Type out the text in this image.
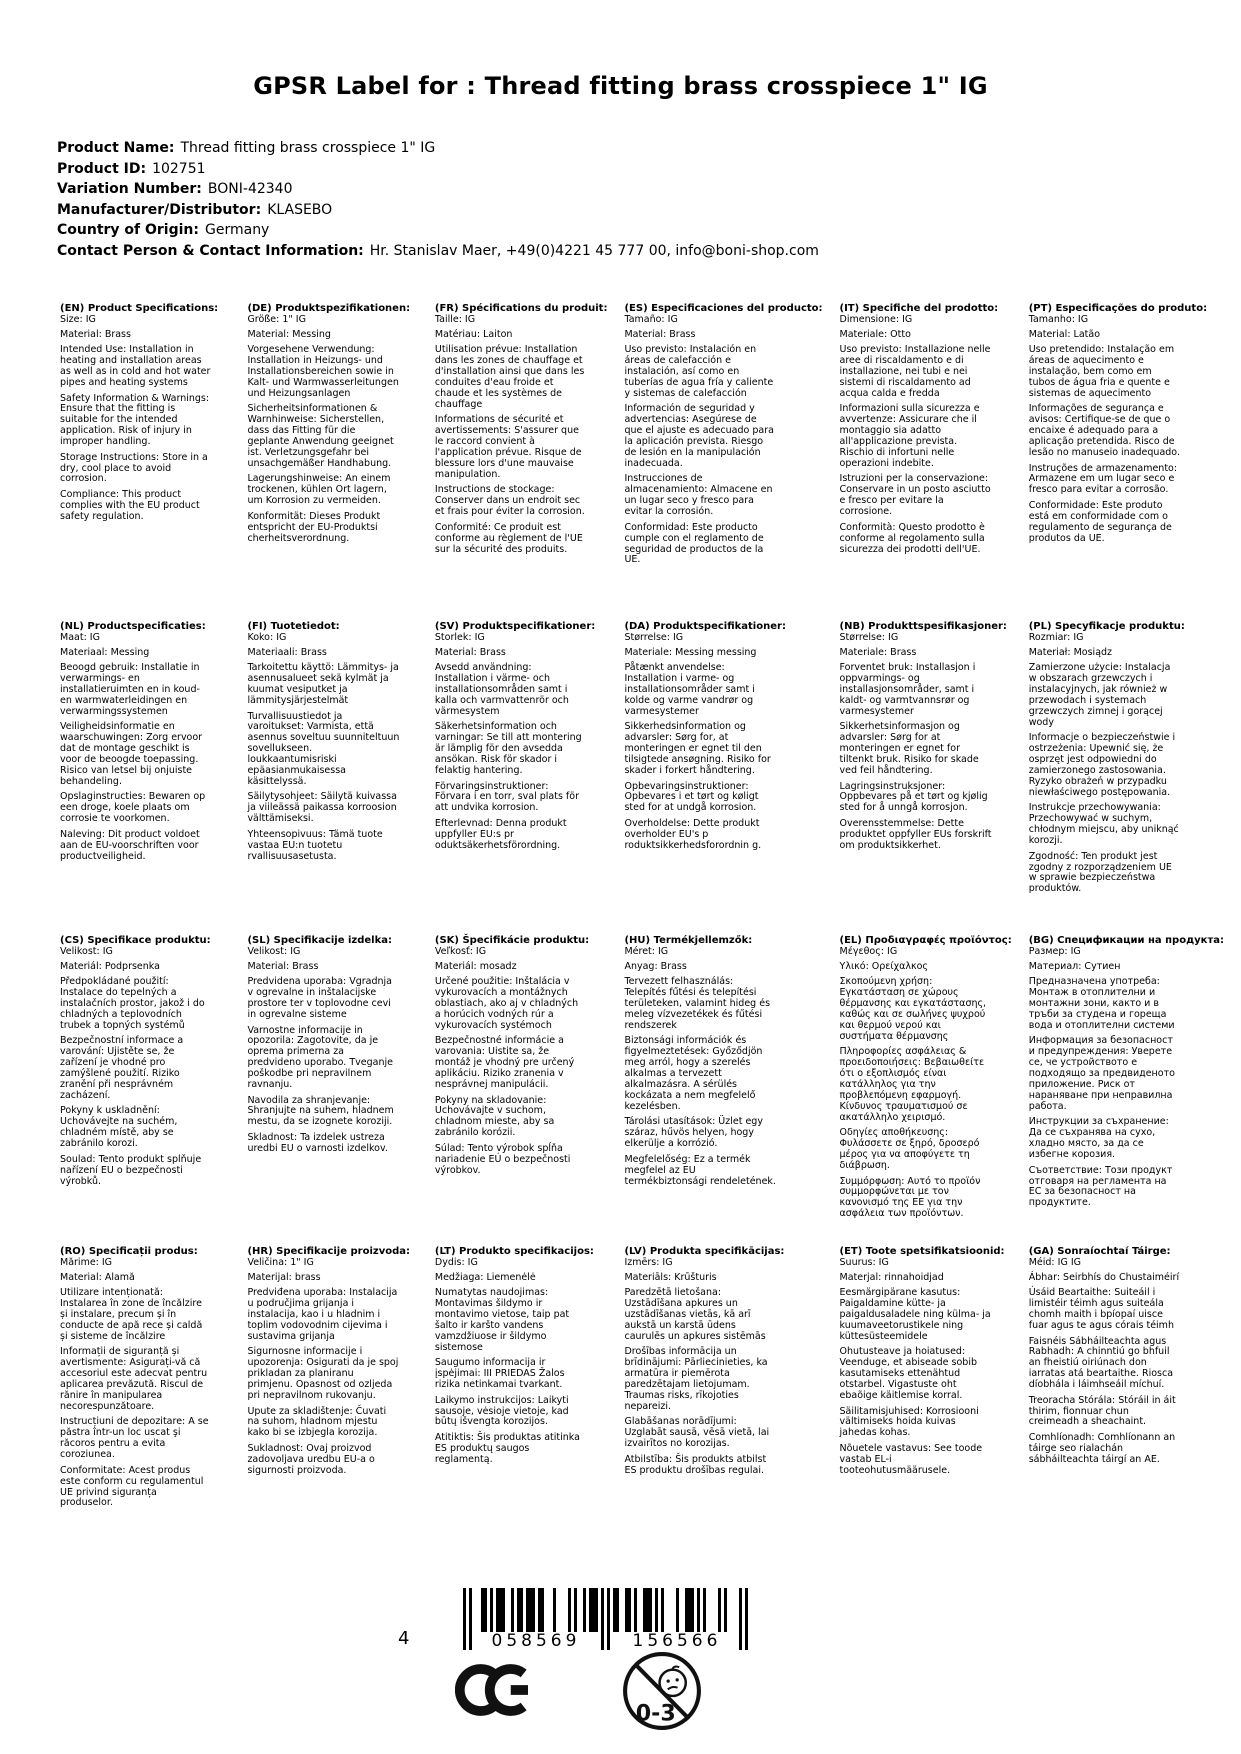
GPSR Label for : Thread fitting brass crosspiece 1" IG
Product Name: Thread fitting brass crosspiece 1" IG
Product ID: 102751
Variation Number: BONI-42340
Manufacturer/Distributor: KLASEBO
Country of Origin: Germany
Contact Person & Contact Information: Hr. Stanislav Maer, +49(0)4221 45 777 00, info@boni-shop.com

(EN) Product Specifications:

Size: IG

Material: Brass

Intended Use: Installation in heating and installation areas as well as in cold and hot water pipes and heating systems

Safety Information & Warnings: Ensure that the fitting is suitable for the intended application. Risk of injury in improper handling.

Storage Instructions: Store in a dry, cool place to avoid corrosion.

Compliance: This product complies with the EU product safety regulation.

(DE) Produktspezifikationen:

Größe: 1" IG

Material: Messing

Vorgesehene Verwendung: Installation in Heizungs- und Installationsbereichen sowie in Kalt- und Warmwasserleitungen und Heizungsanlagen

Sicherheitsinformationen & Warnhinweise: Sicherstellen, dass das Fitting für die geplante Anwendung geeignet ist. Verletzungsgefahr bei unsachgemäßer Handhabung.

Lagerungshinweise: An einem trockenen, kühlen Ort lagern, um Korrosion zu vermeiden.

Konformität: Dieses Produkt entspricht der EU-Produktsi cherheitsverordnung.

(FR) Spécifications du produit:

Taille: IG

Matériau: Laiton

Utilisation prévue: Installation dans les zones de chauffage et d'installation ainsi que dans les conduites d'eau froide et chaude et les systèmes de chauffage

Informations de sécurité et avertissements: S'assurer que le raccord convient à l'application prévue. Risque de blessure lors d'une mauvaise manipulation.

Instructions de stockage: Conserver dans un endroit sec et frais pour éviter la corrosion.

Conformité: Ce produit est conforme au règlement de l'UE sur la sécurité des produits.

(ES) Especificaciones del producto:

Tamaño: IG

Material: Brass

Uso previsto: Instalación en áreas de calefacción e instalación, así como en tuberías de agua fría y caliente y sistemas de calefacción

Información de seguridad y advertencias: Asegúrese de que el ajuste es adecuado para la aplicación prevista. Riesgo de lesión en la manipulación inadecuada.

Instrucciones de almacenamiento: Almacene en un lugar seco y fresco para evitar la corrosión.

Conformidad: Este producto cumple con el reglamento de seguridad de productos de la UE.

(IT) Specifiche del prodotto:

Dimensione: IG

Materiale: Otto

Uso previsto: Installazione nelle aree di riscaldamento e di installazione, nei tubi e nei sistemi di riscaldamento ad acqua calda e fredda

Informazioni sulla sicurezza e avvertenze: Assicurare che il montaggio sia adatto all'applicazione prevista. Rischio di infortuni nelle operazioni indebite.

Istruzioni per la conservazione: Conservare in un posto asciutto e fresco per evitare la corrosione.

Conformità: Questo prodotto è conforme al regolamento sulla sicurezza dei prodotti dell'UE.

(PT) Especificações do produto:

Tamanho: IG

Material: Latão

Uso pretendido: Instalação em áreas de aquecimento e instalação, bem como em tubos de água fria e quente e sistemas de aquecimento

Informações de segurança e avisos: Certifique-se de que o encaixe é adequado para a aplicação pretendida. Risco de lesão no manuseio inadequado.

Instruções de armazenamento: Armazene em um lugar seco e fresco para evitar a corrosão.

Conformidade: Este produto está em conformidade com o regulamento de segurança de produtos da UE.

(NL) Productspecificaties:

Maat: IG

Materiaal: Messing

Beoogd gebruik: Installatie in verwarmings- en installatieruimten en in koud- en warmwaterleidingen en verwarmingssystemen

Veiligheidsinformatie en waarschuwingen: Zorg ervoor dat de montage geschikt is voor de beoogde toepassing. Risico van letsel bij onjuiste behandeling.

Opslaginstructies: Bewaren op een droge, koele plaats om corrosie te voorkomen.

Naleving: Dit product voldoet aan de EU-voorschriften voor productveiligheid.

(FI) Tuotetiedot:

Koko: IG

Materiaali: Brass

Tarkoitettu käyttö: Lämmitys- ja asennusalueet sekä kylmät ja kuumat vesiputket ja lämmitysjärjestelmät

Turvallisuustiedot ja varoitukset: Varmista, että asennus soveltuu suunniteltuun sovellukseen. loukkaantumisriski epäasianmukaisessa käsittelyssä.

Säilytysohjeet: Säilytä kuivassa ja viileässä paikassa korroosion välttämiseksi.

Yhteensopivuus: Tämä tuote vastaa EU:n tuotetu rvallisuusasetusta.

(SV) Produktspecifikationer:

Storlek: IG

Material: Brass

Avsedd användning: Installation i värme- och installationsområden samt i kalla och varmvattenrör och värmesystem

Säkerhetsinformation och varningar: Se till att montering är lämplig för den avsedda ansökan. Risk för skador i felaktig hantering.

Förvaringsinstruktioner: Förvara i en torr, sval plats för att undvika korrosion.

Efterlevnad: Denna produkt uppfyller EU:s pr oduktsäkerhetsförordning.

(DA) Produktspecifikationer:

Størrelse: IG

Materiale: Messing messing

Påtænkt anvendelse: Installation i varme- og installationsområder samt i kolde og varme vandrør og varmesystemer

Sikkerhedsinformation og advarsler: Sørg for, at monteringen er egnet til den tilsigtede ansøgning. Risiko for skader i forkert håndtering.

Opbevaringsinstruktioner: Opbevares i et tørt og køligt sted for at undgå korrosion.

Overholdelse: Dette produkt overholder EU's p roduktsikkerhedsforordnin g.

(NB) Produkttspesifikasjoner:

Størrelse: IG

Materiale: Brass

Forventet bruk: Installasjon i oppvarmings- og installasjonsområder, samt i kaldt- og varmtvannsrør og varmesystemer

Sikkerhetsinformasjon og advarsler: Sørg for at monteringen er egnet for tiltenkt bruk. Risiko for skade ved feil håndtering.

Lagringsinstruksjoner: Oppbevares på et tørt og kjølig sted for å unngå korrosjon.

Overensstemmelse: Dette produktet oppfyller EUs forskrift om produktsikkerhet.

(PL) Specyfikacje produktu:

Rozmiar: IG

Materiał: Mosiądz

Zamierzone użycie: Instalacja w obszarach grzewczych i instalacyjnych, jak również w przewodach i systemach grzewczych zimnej i gorącej wody

Informacje o bezpieczeństwie i ostrzeżenia: Upewnić się, że osprzęt jest odpowiedni do zamierzonego zastosowania. Ryzyko obrażeń w przypadku niewłaściwego postępowania.

Instrukcje przechowywania: Przechowywać w suchym, chłodnym miejscu, aby uniknąć korozji.

Zgodność: Ten produkt jest zgodny z rozporządzeniem UE w sprawie bezpieczeństwa produktów.

(CS) Specifikace produktu:

Velikost: IG

Materiál: Podprsenka

Předpokládané použití: Instalace do tepelných a instalačních prostor, jakož i do chladných a teplovodních trubek a topných systémů

Bezpečnostní informace a varování: Ujistěte se, že zařízení je vhodné pro zamýšlené použití. Riziko zranění při nesprávném zacházení.

Pokyny k uskladnění: Uchovávejte na suchém, chladném místě, aby se zabránilo korozi.

Soulad: Tento produkt splňuje nařízení EU o bezpečnosti výrobků.

(SL) Specifikacije izdelka:

Velikost: IG

Material: Brass

Predvidena uporaba: Vgradnja v ogrevalne in inštalacijske prostore ter v toplovodne cevi in ogrevalne sisteme

Varnostne informacije in opozorila: Zagotovite, da je oprema primerna za predvideno uporabo. Tveganje poškodbe pri nepravilnem ravnanju.

Navodila za shranjevanje: Shranjujte na suhem, hladnem mestu, da se izognete koroziji.

Skladnost: Ta izdelek ustreza uredbi EU o varnosti izdelkov.

(SK) Špecifikácie produktu:

Veľkosť: IG

Materiál: mosadz

Určené použitie: Inštalácia v vykurovacích a montážnych oblastiach, ako aj v chladných a horúcich vodných rúr a vykurovacích systémoch

Bezpečnostné informácie a varovania: Uistite sa, že montáž je vhodný pre určený aplikáciu. Riziko zranenia v nesprávnej manipulácii.

Pokyny na skladovanie: Uchovávajte v suchom, chladnom mieste, aby sa zabránilo korózii.

Súlad: Tento výrobok spĺňa nariadenie EÚ o bezpečnosti výrobkov.

(HU) Termékjellemzők:

Méret: IG

Anyag: Brass

Tervezett felhasználás: Telepítés fűtési és telepítési területeken, valamint hideg és meleg vízvezetékek és fűtési rendszerek

Biztonsági információk és figyelmeztetések: Győződjön meg arról, hogy a szerelés alkalmas a tervezett alkalmazásra. A sérülés kockázata a nem megfelelő kezelésben.

Tárolási utasítások: Üzlet egy száraz, hűvös helyen, hogy elkerülje a korrózió.

Megfelelőség: Ez a termék megfelel az EU termékbiztonsági rendeletének.

(EL) Προδιαγραφές προϊόντος:

Μέγεθος: IG

Υλικό: Ορείχαλκος

Σκοπούμενη χρήση: Εγκατάσταση σε χώρους θέρμανσης και εγκατάστασης, καθώς και σε σωλήνες ψυχρού και θερμού νερού και συστήματα θέρμανσης

Πληροφορίες ασφάλειας & προειδοποιήσεις: Βεβαιωθείτε ότι ο εξοπλισμός είναι κατάλληλος για την προβλεπόμενη εφαρμογή. Κίνδυνος τραυματισμού σε ακατάλληλο χειρισμό.

Οδηγίες αποθήκευσης: Φυλάσσετε σε ξηρό, δροσερό μέρος για να αποφύγετε τη διάβρωση.

Συμμόρφωση: Αυτό το προϊόν συμμορφώνεται με τον κανονισμό της ΕΕ για την ασφάλεια των προϊόντων.

(BG) Спецификации на продукта:

Размер: IG

Материал: Сутиен

Предназначена употреба: Монтаж в отоплителни и монтажни зони, както и в тръби за студена и гореща вода и отоплителни системи

Информация за безопасност и предупреждения: Уверете се, че устройството е подходящо за предвиденото приложение. Риск от нараняване при неправилна работа.

Инструкции за съхранение: Да се съхранява на сухо, хладно място, за да се избегне корозия.

Съответствие: Този продукт отговаря на регламента на ЕС за безопасност на продуктите.

(RO) Specificații produs:

Mărime: IG

Material: Alamă

Utilizare intenționată: Instalarea în zone de încălzire și instalare, precum și în conducte de apă rece și caldă și sisteme de încălzire

Informații de siguranță și avertismente: Asigurați-vă că accesoriul este adecvat pentru aplicarea prevăzută. Riscul de rănire în manipularea necorespunzătoare.

Instrucțiuni de depozitare: A se păstra într-un loc uscat şi răcoros pentru a evita coroziunea.

Conformitate: Acest produs este conform cu regulamentul UE privind siguranța produselor.

(HR) Specifikacije proizvoda:

Veličina: 1" IG

Materijal: brass

Predviđena uporaba: Instalacija u područjima grijanja i instalacija, kao i u hladnim i toplim vodovodnim cijevima i sustavima grijanja

Sigurnosne informacije i upozorenja: Osigurati da je spoj prikladan za planiranu primjenu. Opasnost od ozljeda pri nepravilnom rukovanju.

Upute za skladištenje: Čuvati na suhom, hladnom mjestu kako bi se izbjegla korozija.

Sukladnost: Ovaj proizvod zadovoljava uredbu EU-a o sigurnosti proizvoda.

(LT) Produkto specifikacijos:

Dydis: IG

Medžiaga: Liemenėlė

Numatytas naudojimas: Montavimas šildymo ir montavimo vietose, taip pat šalto ir karšto vandens vamzdžiuose ir šildymo sistemose

Saugumo informacija ir įspėjimai: III PRIEDAS Žalos rizika netinkamai tvarkant.

Laikymo instrukcijos: Laikyti sausoje, vėsioje vietoje, kad būtų išvengta korozijos.

Atitiktis: Šis produktas atitinka ES produktų saugos reglamentą.

(LV) Produkta specifikācijas:

Izmērs: IG

Materiāls: Krūšturis

Paredzētā lietošana: Uzstādīšana apkures un uzstādīšanas vietās, kā arī aukstā un karstā ūdens caurulēs un apkures sistēmās

Drošības informācija un brīdinājumi: Pārliecinieties, ka armatūra ir piemērota paredzētajam lietojumam. Traumas risks, rīkojoties nepareizi.

Glabāšanas norādījumi: Uzglabāt sausā, vēsā vietā, lai izvairītos no korozijas.

Atbilstība: Šis produkts atbilst ES produktu drošības regulai.

(ET) Toote spetsifikatsioonid:

Suurus: IG

Materjal: rinnahoidjad

Eesmärgipärane kasutus: Paigaldamine kütte- ja paigaldusaladele ning külma- ja kuumaveetorustikele ning küttesüsteemidele

Ohutusteave ja hoiatused: Veenduge, et abiseade sobib kasutamiseks ettenähtud otstarbel. Vigastuste oht ebaõige käitlemise korral.

Säilitamisjuhised: Korrosiooni vältimiseks hoida kuivas jahedas kohas.

Nõuetele vastavus: See toode vastab EL-i tooteohutusmäärusele.

(GA) Sonraíochtaí Táirge:

Méid: IG IG

Ábhar: Seirbhís do Chustaiméirí

Úsáid Beartaithe: Suiteáil i limistéir téimh agus suiteála chomh maith i bpíopaí uisce fuar agus te agus córais téimh

Faisnéis Sábháilteachta agus Rabhadh: A chinntiú go bhfuil an fheistiú oiriúnach don iarratas atá beartaithe. Riosca díobhála i láimhseáil míchuí.

Treoracha Stórála: Stóráil in áit thirim, fionnuar chun creimeadh a sheachaint.

Comhlíonadh: Comhlíonann an táirge seo rialachán sábháilteachta táirgí an AE.

4	058569	156566
0-3
